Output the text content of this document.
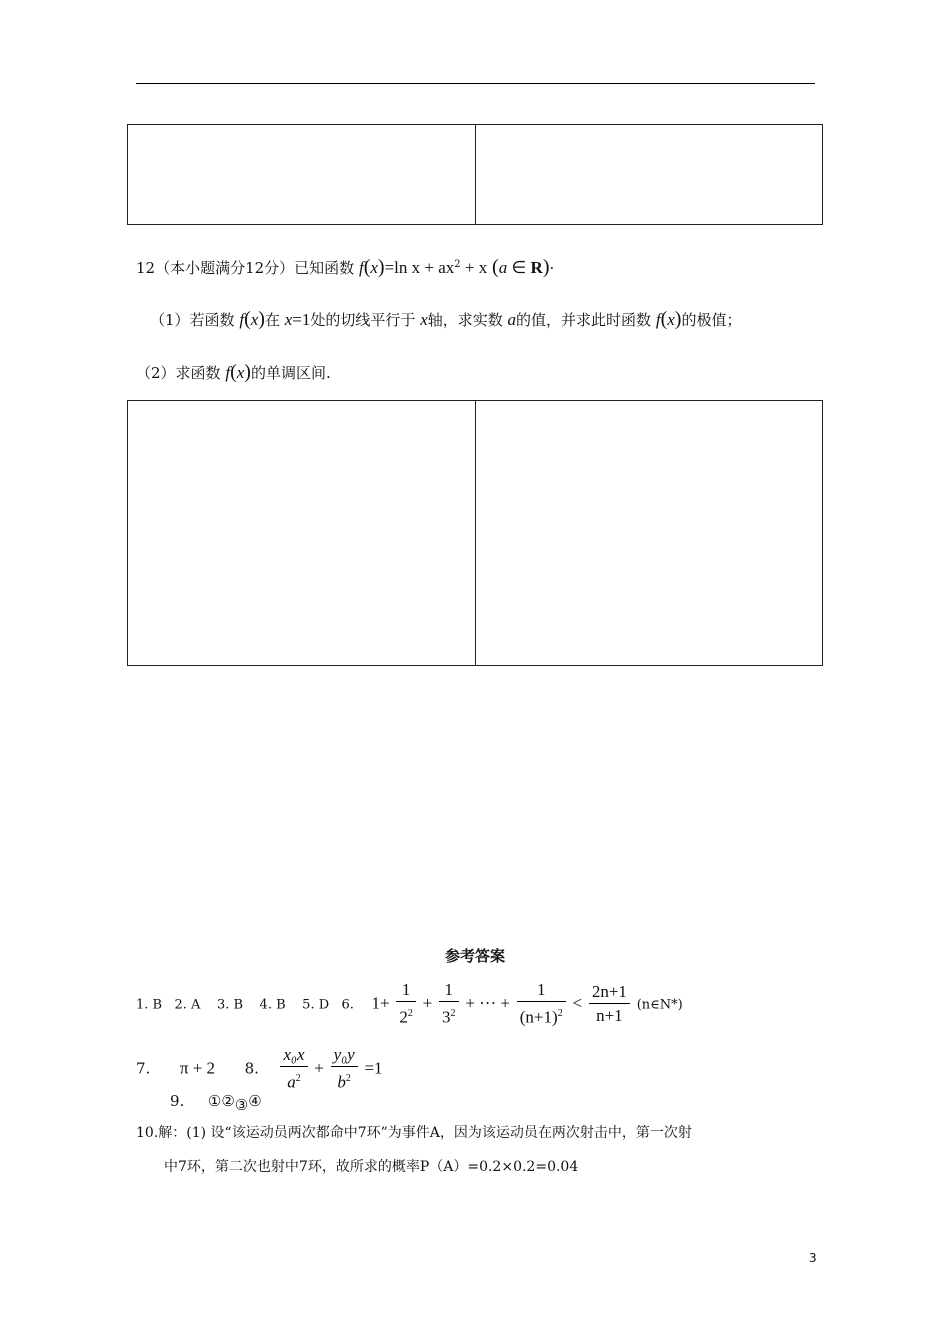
12（本小题满分12分）已知函数 f(x)=ln $x + ax^2 + x$ (a ∈ R)·
（1）若函数 f(x)在 x=1处的切线平行于 x轴，求实数 a的值，并求此时函数 f(x)的极值；
（2）求函数 f(x)的单调区间.
参考答案
1. B   2. A    3. B    4. B    5. D   6. $1+ \frac{1}{2^2} + \frac{1}{3^2}$ + ··· + $\frac{1}{(n+1)^2} < \frac{2n+1}{n+1}$ (n∈N*)
7. π + 2 8. $\frac{\text{x₀x}}{a^2} + \frac{\text{y₀y}}{b^2} =1$
9. ①②③④
10.解：(1) 设“该运动员两次都命中7环”为事件A，因为该运动员在两次射击中，第一次射
中7环，第二次也射中7环，故所求的概率P（A）=0.2×0.2=0.04
3
